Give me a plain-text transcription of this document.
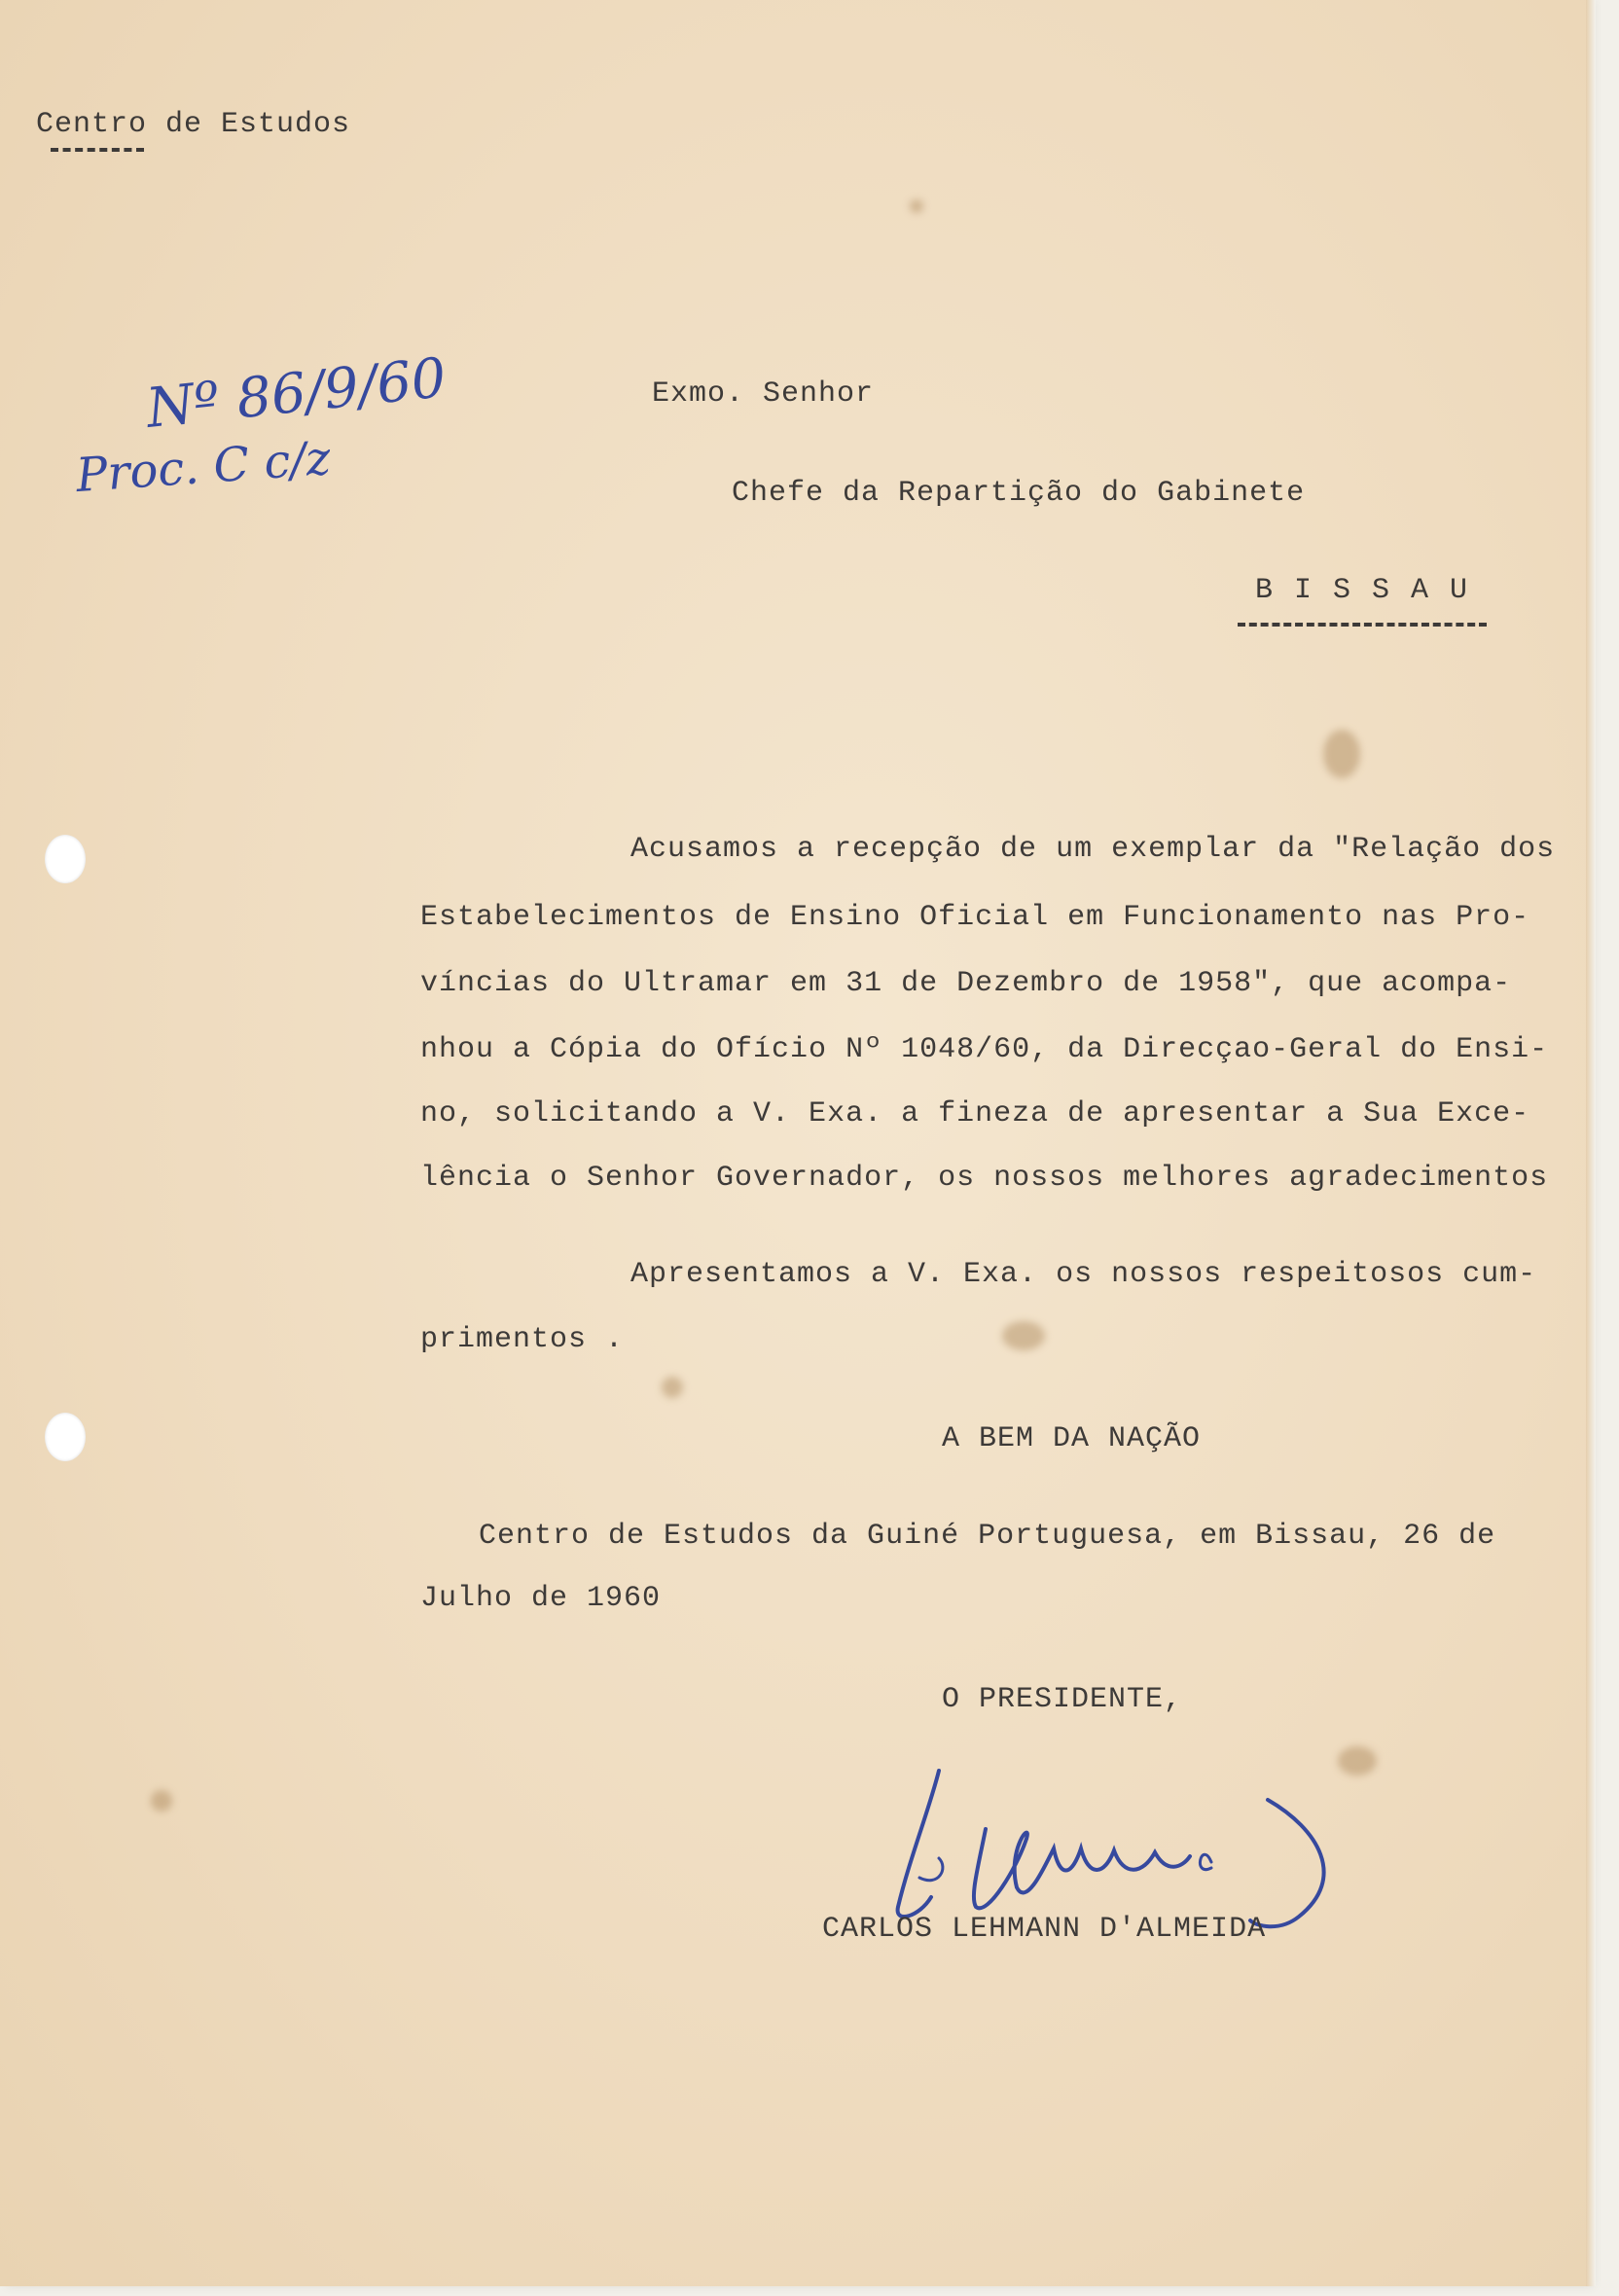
Centro de Estudos
Nº 86/9/60
Proc. C c/z
Exmo. Senhor
Chefe da Repartição do Gabinete
B I S S A U
Acusamos a recepção de um exemplar da "Relação dos
Estabelecimentos de Ensino Oficial em Funcionamento nas Pro-
víncias do Ultramar em 31 de Dezembro de 1958", que acompa-
nhou a Cópia do Ofício Nº 1048/60, da Direcçao-Geral do Ensi-
no, solicitando a V. Exa. a fineza de apresentar a Sua Exce-
lência o Senhor Governador, os nossos melhores agradecimentos
Apresentamos a V. Exa. os nossos respeitosos cum-
primentos .
A BEM DA NAÇÃO
Centro de Estudos da Guiné Portuguesa, em Bissau, 26 de
Julho de 1960
O PRESIDENTE,
CARLOS LEHMANN D'ALMEIDA
